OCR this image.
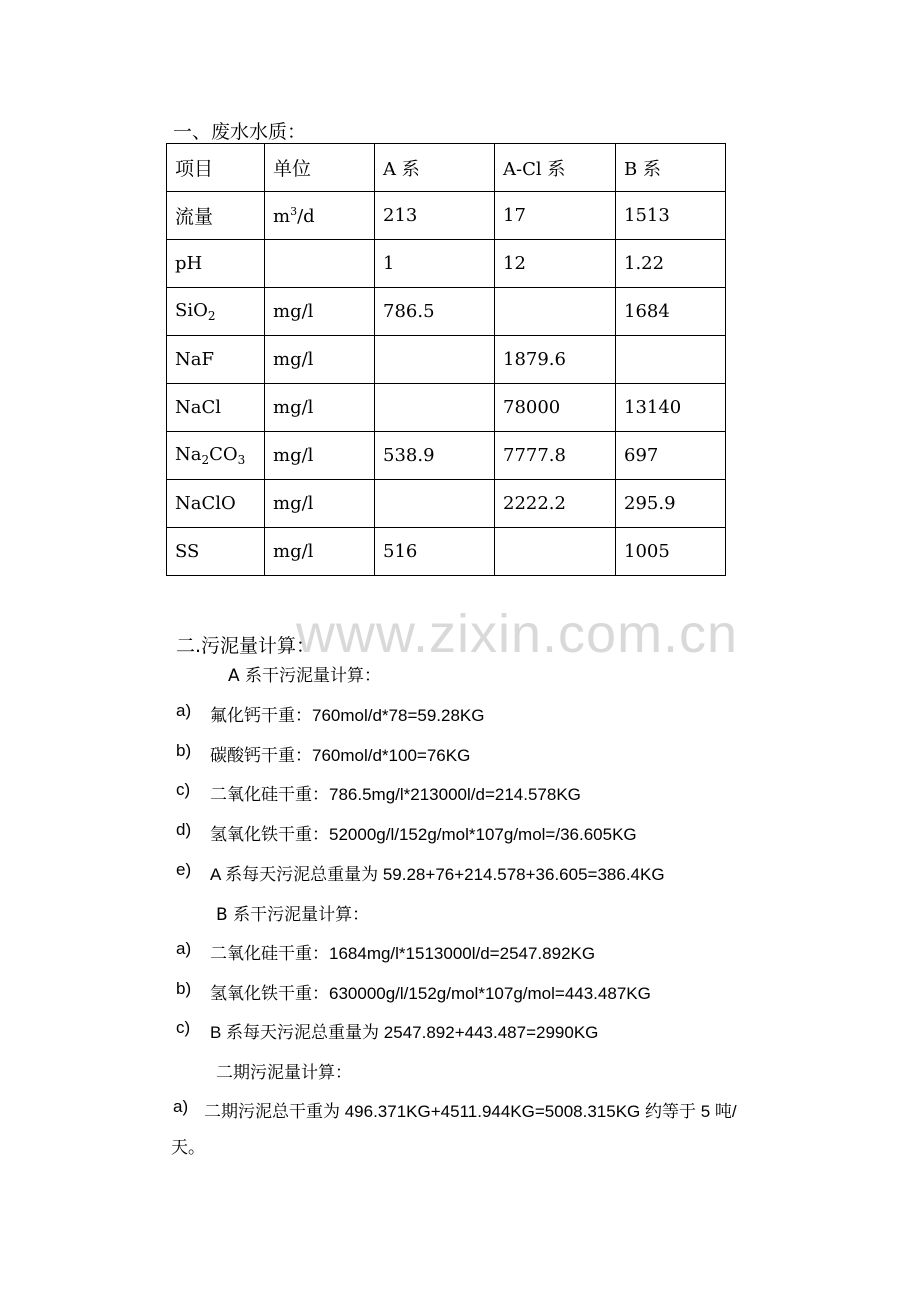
一、废水水质：
项目	单位	A 系	A-Cl 系	B 系
流量	$m^3/d$	213	17	1513
pH		1	12	1.22
SiO$_2$	mg/l	786.5		1684
NaF	mg/l		1879.6	
NaCl	mg/l		78000	13140
$Na_2CO_3$	mg/l	538.9	7777.8	697
NaClO	mg/l		2222.2	295.9
SS	mg/l	516		1005
www.zixin.com.cn
二.污泥量计算：
A 系干污泥量计算：
a) 氟化钙干重：760mol/d*78=59.28KG
b) 碳酸钙干重：760mol/d*100=76KG
c) 二氧化硅干重：786.5mg/l*213000l/d=214.578KG
d) 氢氧化铁干重：52000g/l/152g/mol*107g/mol=/36.605KG
e) A 系每天污泥总重量为 59.28+76+214.578+36.605=386.4KG
B 系干污泥量计算：
a) 二氧化硅干重：1684mg/l*1513000l/d=2547.892KG
b) 氢氧化铁干重：630000g/l/152g/mol*107g/mol=443.487KG
c) B 系每天污泥总重量为 2547.892+443.487=2990KG
二期污泥量计算：
a) 二期污泥总干重为 496.371KG+4511.944KG=5008.315KG 约等于 5 吨/
天。
